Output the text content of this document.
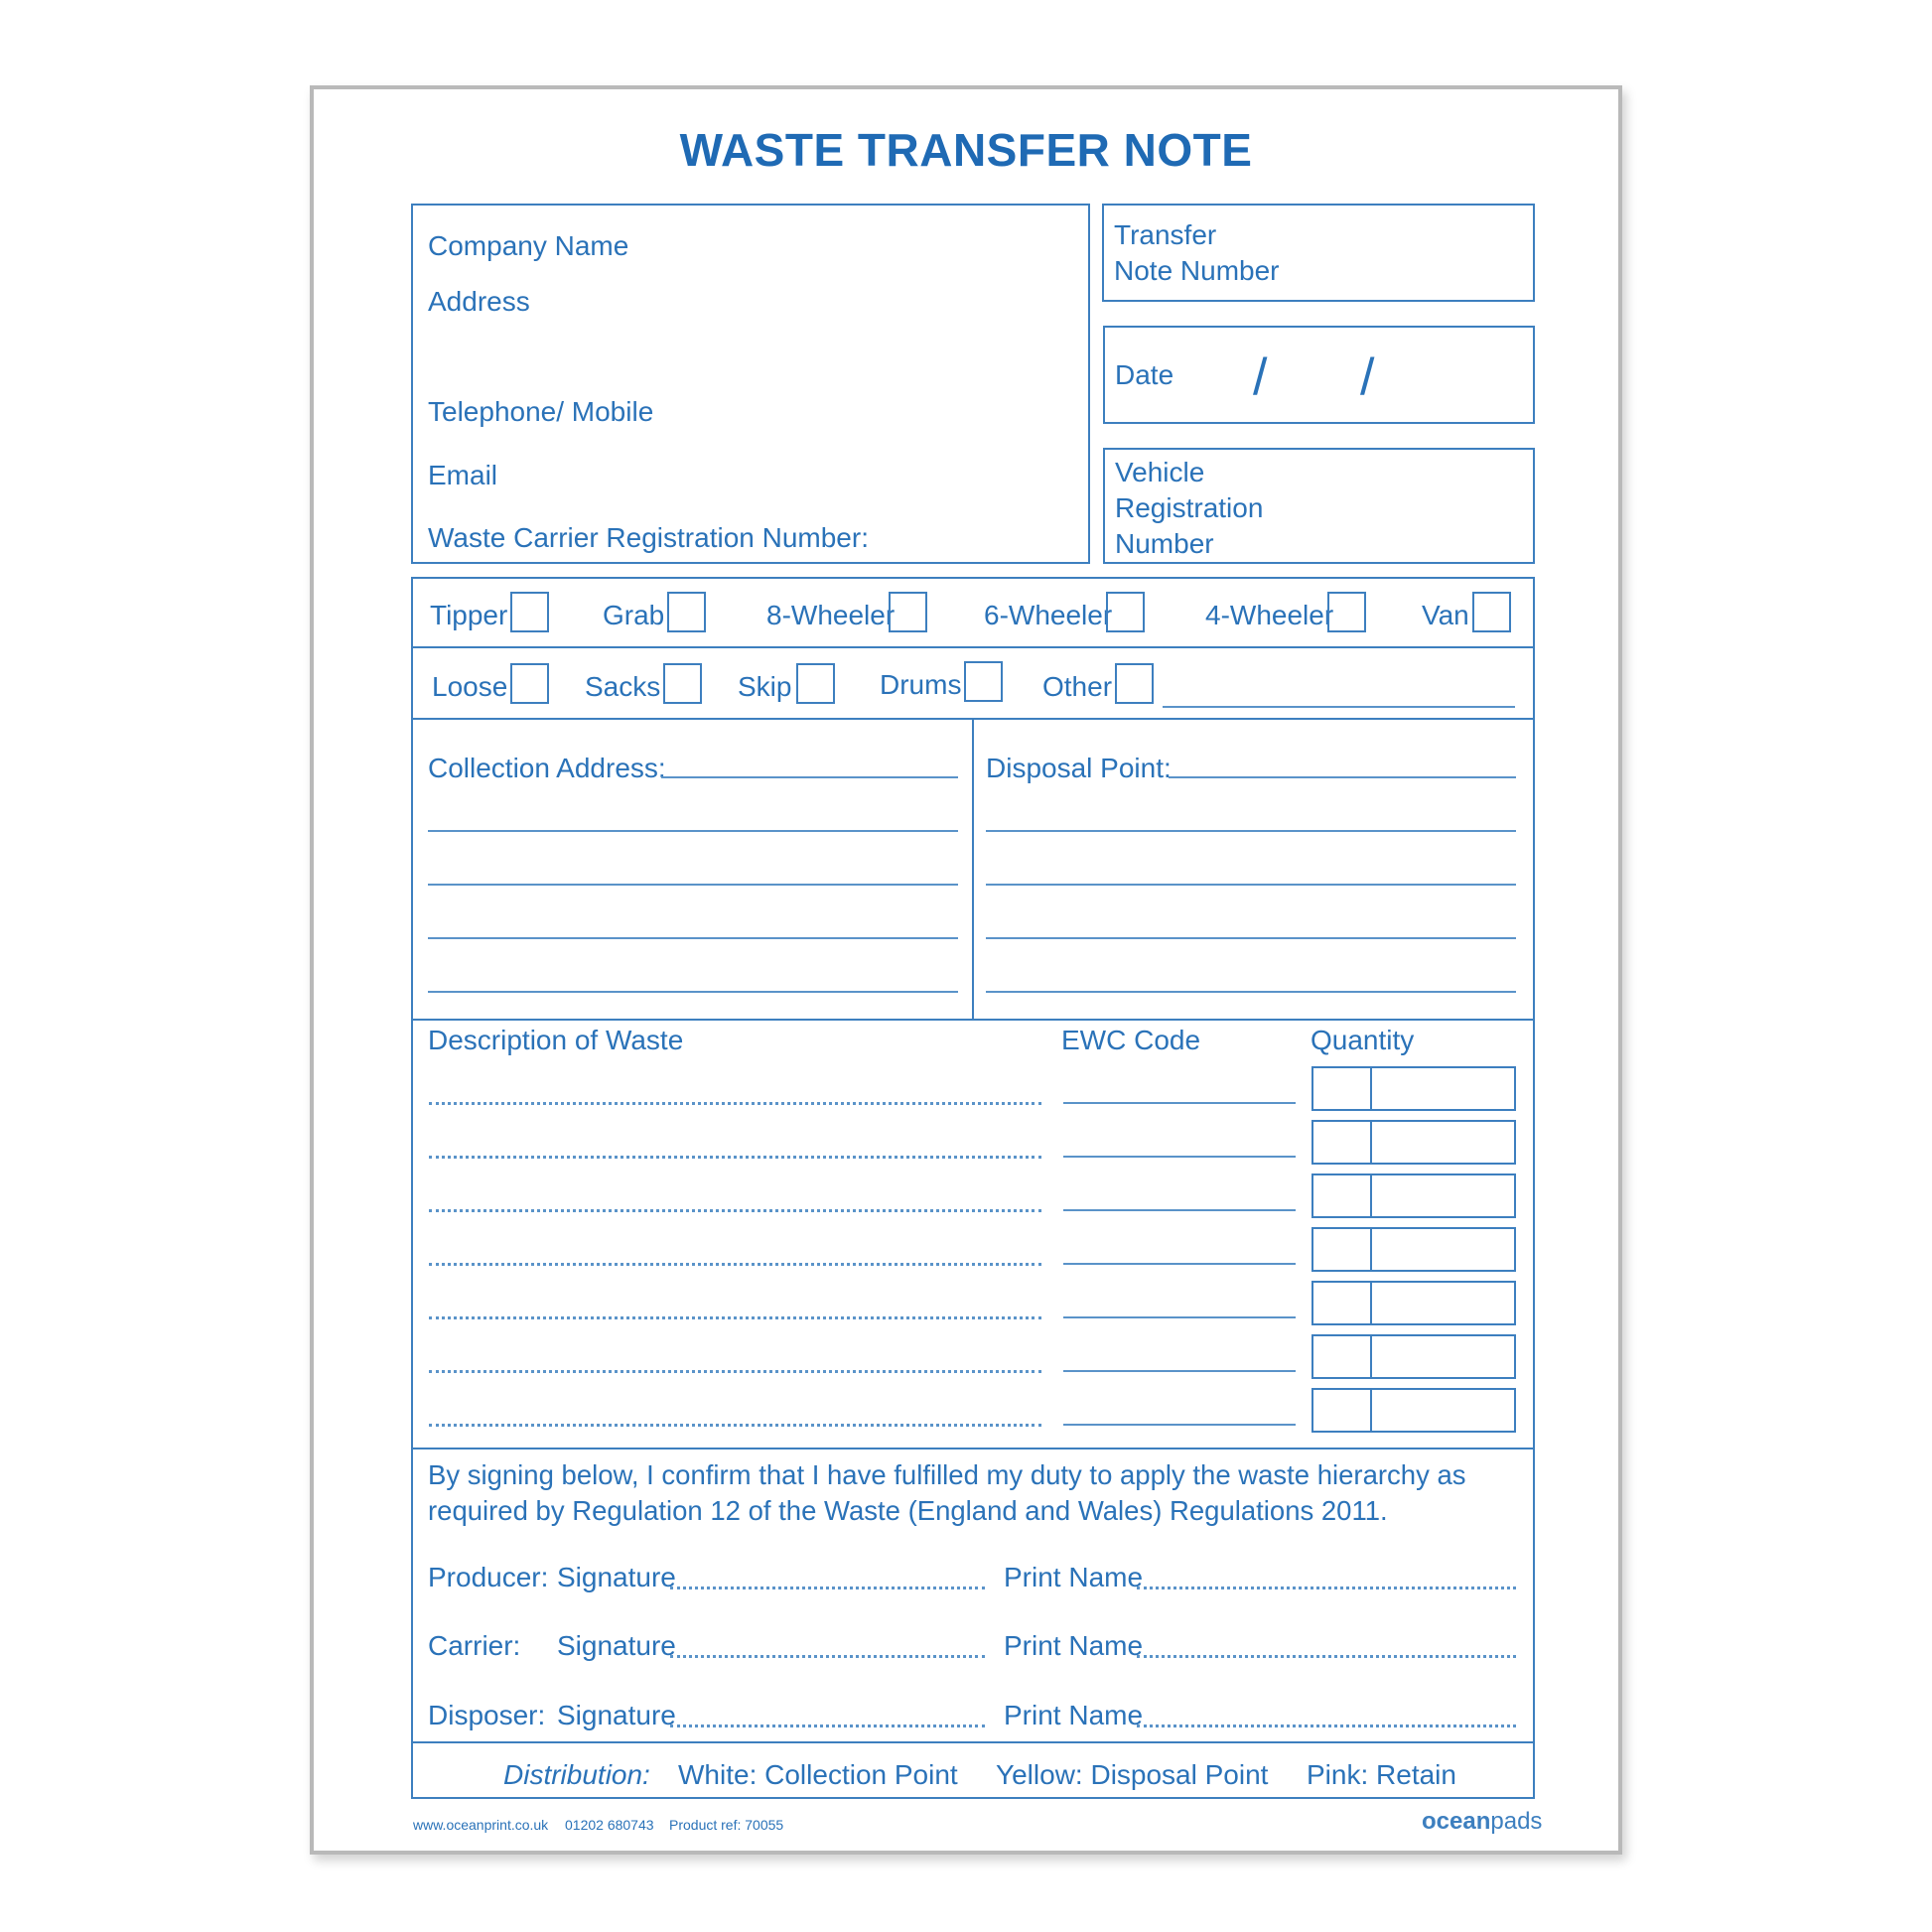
WASTE TRANSFER NOTE
Company Name
Address
Telephone/ Mobile
Email
Waste Carrier Registration Number:
Transfer Note Number
Date / /
Vehicle Registration Number
Tipper	Grab	8-Wheeler	6-Wheeler	4-Wheeler	Van
Loose	Sacks	Skip	Drums	Other
Collection Address:	Disposal Point:
Description of Waste	EWC Code	Quantity
By signing below, I confirm that I have fulfilled my duty to apply the waste hierarchy as required by Regulation 12 of the Waste (England and Wales) Regulations 2011.
Producer: Signature	Print Name
Carrier: Signature	Print Name
Disposer: Signature	Print Name
Distribution: White: Collection Point Yellow: Disposal Point Pink: Retain
www.oceanprint.co.uk 01202 680743 Product ref: 70055	oceanpads
